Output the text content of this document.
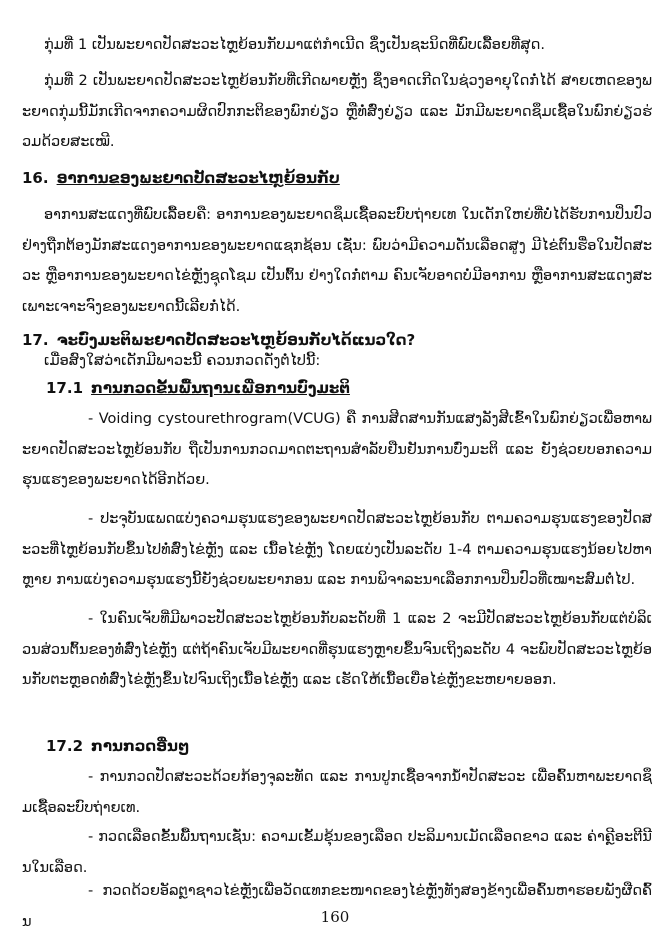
ກຸ່ມທີ່ 1 ເປັນພະຍາດປັດສະວະໄຫຼຍ້ອນກັບມາແຕ່ກຳເນີດ ຊຶ່ງເປັນຊະນິດທີ່ພົບເລື້ອຍທີ່ສຸດ.
ກຸ່ມທີ່ 2 ເປັນພະຍາດປັດສະວະໄຫຼຍ້ອນກັບທີ່ເກີດພາຍຫຼັງ ຊຶ່ງອາດເກີດໃນຊ່ວງອາຍຸໃດກໍ່ໄດ້ ສາຍເຫດຂອງພະຍາດກຸ່ມນີ້ມັກເກີດຈາກຄວາມຜິດປົກກະຕິຂອງພົກຍ່ຽວ ຫຼືທໍ່ສົ່ງຍ່ຽວ ແລະ ມັກມີພະຍາດຊຶມເຊື້ອໃນພົກຍ່ຽວຮ່ວມດ້ວຍສະເໝີ.
16. ອາການຂອງພະຍາດປັດສະວະໄຫຼຍ້ອນກັບ
ອາການສະແດງທີ່ພົບເລື້ອຍຄື: ອາການຂອງພະຍາດຊຶມເຊື້ອລະບົບຖ່າຍເທ ໃນເດັກໃຫຍ່ທີ່ບໍ່ໄດ້ຮັບການປິ່ນປົວຢ່າງຖືກຕ້ອງມັກສະແດງອາການຂອງພະຍາດແຊກຊ້ອນ ເຊັ່ນ: ພົບວ່າມີຄວາມດັນເລືອດສູງ ມີໄຂ່ຕົນຮື່ອໃນປັດສະວະ ຫຼືອາການຂອງພະຍາດໄຂ່ຫຼັງຊຸດໂຊມ ເປັນຕົ້ນ ຢ່າງໃດກໍ່ຕາມ ຄົນເຈັບອາດບໍ່ມີອາການ ຫຼືອາການສະແດງສະເພາະເຈາະຈົງຂອງພະຍາດນີ້ເລີຍກໍ່ໄດ້.
17. ຈະບົ່ງມະຕິພະຍາດປັດສະວະໄຫຼຍ້ອນກັບໄດ້ແນວໃດ?
ເມື່ອສົງໃສວ່າເດັກມີພາວະນີ້ ຄວນກວດດັ່ງຕໍ່ໄປນີ້:
17.1 ການກວດຂັ້ນພື້ນຖານເພື່ອການບົ່ງມະຕິ
- Voiding cystourethrogram(VCUG) ຄື ການສີດສານກັນແສງລັງສີເຂົ້າໃນພົກຍ່ຽວເພື່ອຫາພະຍາດປັດສະວະໄຫຼຍ້ອນກັບ ຖືເປັນການກວດມາດຕະຖານສຳລັບຢືນຢັນການບົ່ງມະຕິ ແລະ ຍັງຊ່ວຍບອກຄວາມຮຸນແຮງຂອງພະຍາດໄດ້ອີກດ້ວຍ.
- ປະຈຸບັນແພດແບ່ງຄວາມຮຸນແຮງຂອງພະຍາດປັດສະວະໄຫຼຍ້ອນກັບ ຕາມຄວາມຮຸນແຮງຂອງປັດສະວະທີ່ໄຫຼຍ້ອນກັບຂຶ້ນໄປທໍ່ສົ່ງໄຂ່ຫຼັງ ແລະ ເນື້ອໄຂ່ຫຼັງ ໂດຍແບ່ງເປັນລະດັບ 1-4 ຕາມຄວາມຮຸນແຮງນ້ອຍໄປຫາຫຼາຍ ການແບ່ງຄວາມຮຸນແຮງນີ້ຍັງຊ່ວຍພະຍາກອນ ແລະ ການພິຈາລະນາເລືອກການປິ່ນປົວທີ່ເໝາະສົມຕໍ່ໄປ.
- ໃນຄົນເຈັບທີ່ມີພາວະປັດສະວະໄຫຼຍ້ອນກັບລະດັບທີ່ 1 ແລະ 2 ຈະມີປັດສະວະໄຫຼຍ້ອນກັບແຕ່ບໍລິເວນສ່ວນຕົ້ນຂອງທໍ່ສົ່ງໄຂ່ຫຼັງ ແຕ່ຖ້າຄົນເຈັບມີພະຍາດທີ່ຮຸນແຮງຫຼາຍຂຶ້ນຈົນເຖິງລະດັບ 4 ຈະພົບປັດສະວະໄຫຼຍ້ອນກັບຕະຫຼອດທໍ່ສົ່ງໄຂ່ຫຼັງຂຶ້ນໄປຈົນເຖິງເນື້ອໄຂ່ຫຼັງ ແລະ ເຮັດໃຫ້ເນື້ອເຍື່ອໄຂ່ຫຼັງຂະຫຍາຍອອກ.
17.2 ການກວດອື່ນໆ
- ການກວດປັດສະວະດ້ວຍກ້ອງຈຸລະທັດ ແລະ ການປູກເຊື້ອຈາກນ້ຳປັດສະວະ ເພື່ອຄົ້ນຫາພະຍາດຊຶມເຊື້ອລະບົບຖ່າຍເທ.
- ກວດເລືອດຂັ້ນພື້ນຖານເຊັ່ນ: ຄວາມເຂັ້ມຂຸ້ນຂອງເລືອດ ປະລິມານເມັດເລືອດຂາວ ແລະ ຄ່າຄຼີອະຕີນີນໃນເລືອດ.
- ກວດດ້ວຍອັລຕຼາຊາວໄຂ່ຫຼັງເພື່ອວັດແທກຂະໜາດຂອງໄຂ່ຫຼັງທັງສອງຂ້າງເພື່ອຄົ້ນຫາຮອຍພັງຜືດຄົ້ນ	160
